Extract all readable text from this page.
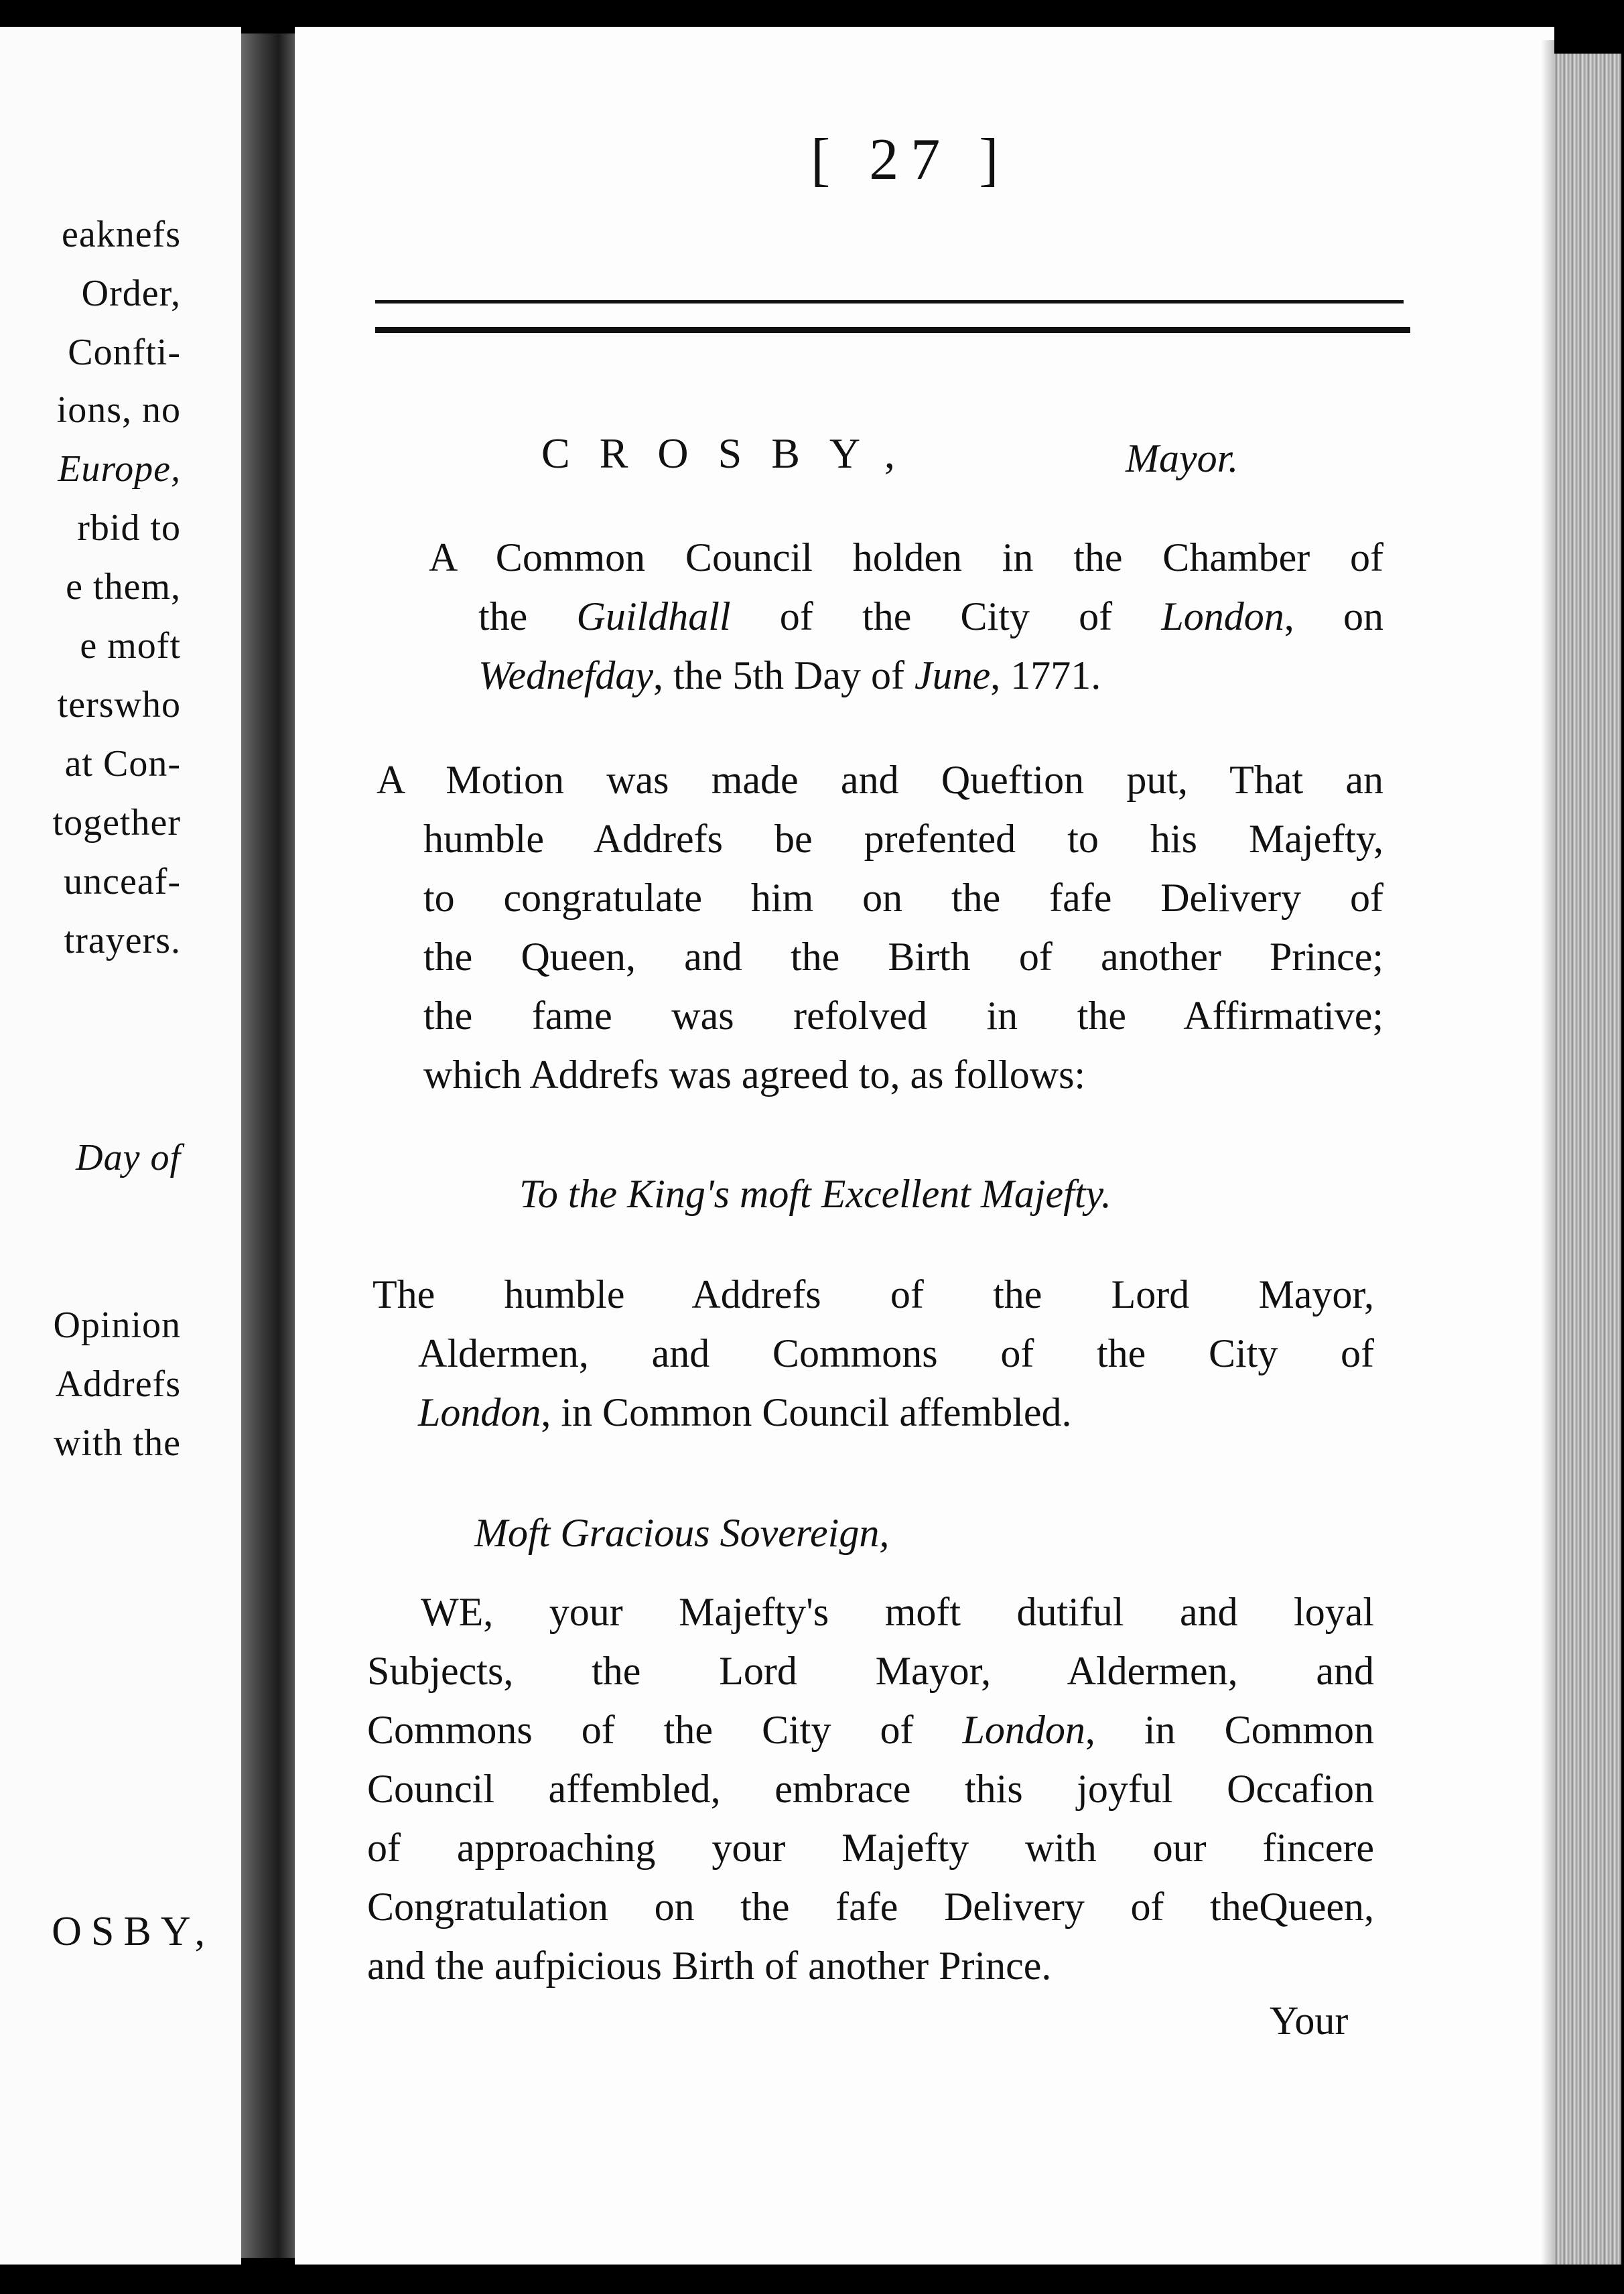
eaknefs
Order,
Confti-
ions, no
Europe,
rbid to
e them,
e moft
terswho
at Con-
together
unceaf-
trayers.
Day of
Opinion
Addrefs
with the
OSBY,
[ 27 ]
CROSBY,	Mayor.
A Common Council holden in the Chamber of
the Guildhall of the City of London, on
Wednefday, the 5th Day of June, 1771.
A Motion was made and Queftion put, That an
humble Addrefs be prefented to his Majefty,
to congratulate him on the fafe Delivery of
the Queen, and the Birth of another Prince;
the fame was refolved in the Affirmative;
which Addrefs was agreed to, as follows:
To the King's moft Excellent Majefty.
The humble Addrefs of the Lord Mayor,
Aldermen, and Commons of the City of
London, in Common Council affembled.
Moft Gracious Sovereign,
WE, your Majefty's moft dutiful and loyal
Subjects, the Lord Mayor, Aldermen, and
Commons of the City of London, in Common
Council affembled, embrace this joyful Occafion
of approaching your Majefty with our fincere
Congratulation on the fafe Delivery of theQueen,
and the aufpicious Birth of another Prince.
Your
